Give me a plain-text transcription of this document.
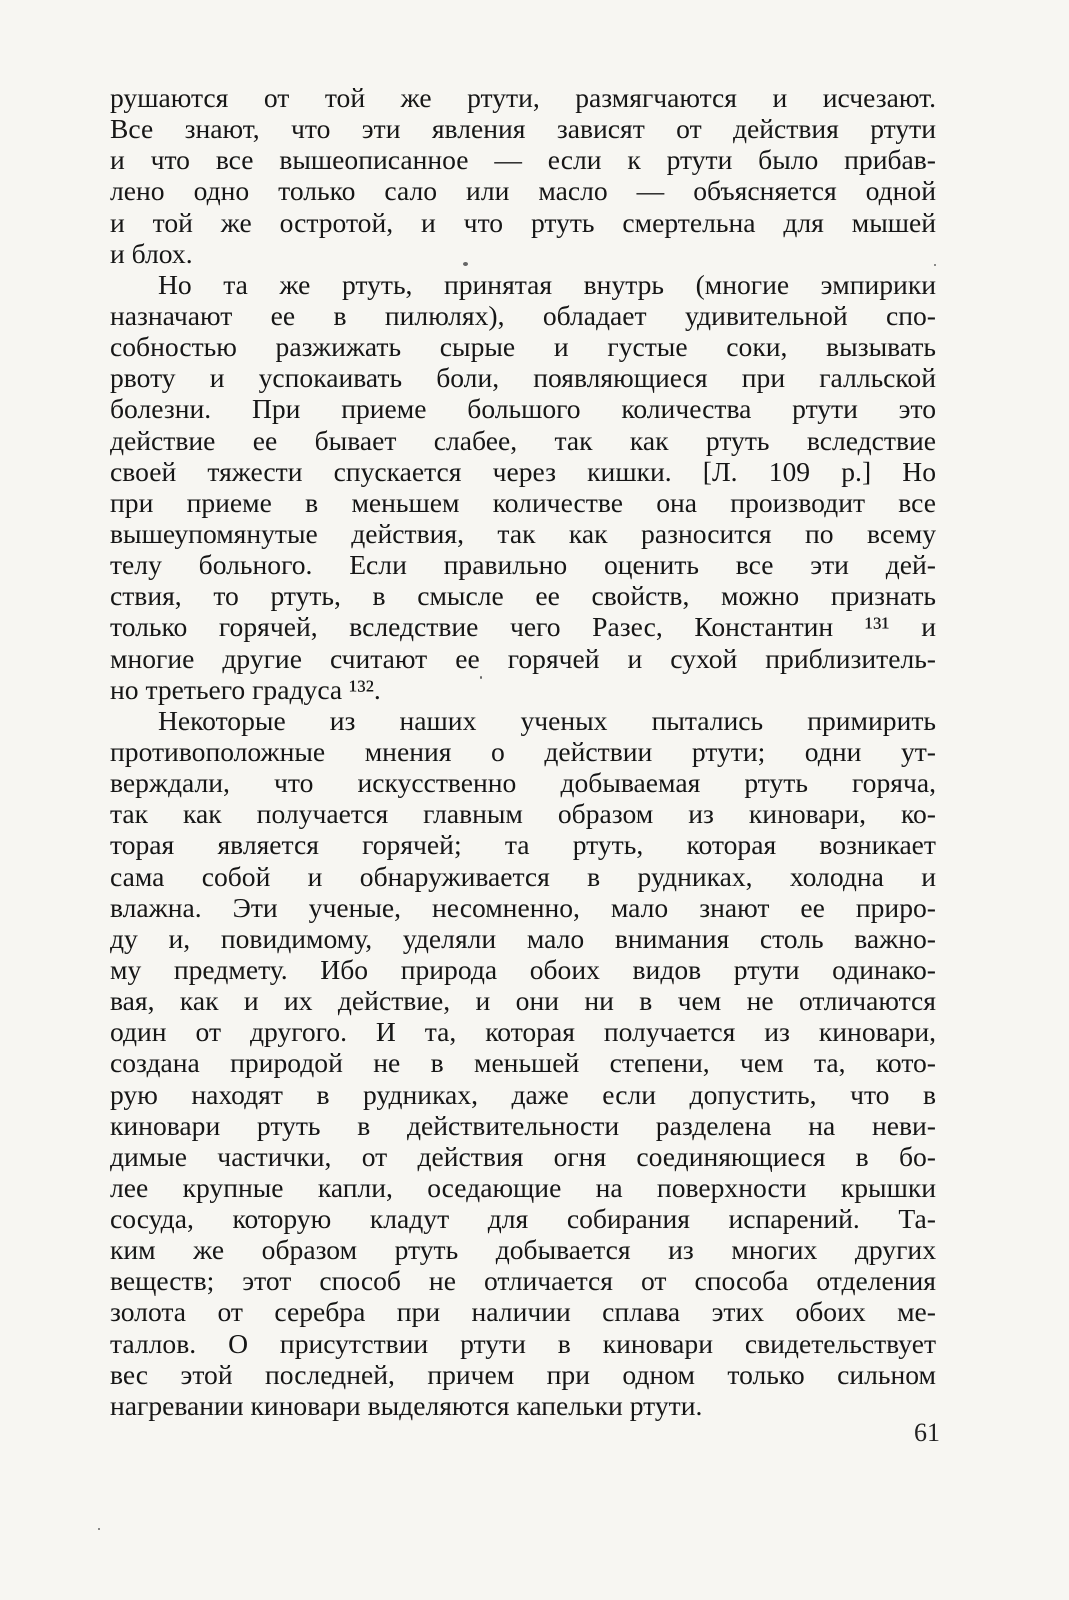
рушаются от той же ртути, размягчаются и исчезают.
Все знают, что эти явления зависят от действия ртути
и что все вышеописанное — если к ртути было прибав-
лено одно только сало или масло — объясняется одной
и той же остротой, и что ртуть смертельна для мышей
и блох.
Но та же ртуть, принятая внутрь (многие эмпирики
назначают ее в пилюлях), обладает удивительной спо-
собностью разжижать сырые и густые соки, вызывать
рвоту и успокаивать боли, появляющиеся при галльской
болезни. При приеме большого количества ртути это
действие ее бывает слабее, так как ртуть вследствие
своей тяжести спускается через кишки. [Л. 109 р.] Но
при приеме в меньшем количестве она производит все
вышеупомянутые действия, так как разносится по всему
телу больного. Если правильно оценить все эти дей-
ствия, то ртуть, в смысле ее свойств, можно признать
только горячей, вследствие чего Разес, Константин ¹³¹ и
многие другие считают ее горячей и сухой приблизитель-
но третьего градуса ¹³².
Некоторые из наших ученых пытались примирить
противоположные мнения о действии ртути; одни ут-
верждали, что искусственно добываемая ртуть горяча,
так как получается главным образом из киновари, ко-
торая является горячей; та ртуть, которая возникает
сама собой и обнаруживается в рудниках, холодна и
влажна. Эти ученые, несомненно, мало знают ее приро-
ду и, повидимому, уделяли мало внимания столь важно-
му предмету. Ибо природа обоих видов ртути одинако-
вая, как и их действие, и они ни в чем не отличаются
один от другого. И та, которая получается из киновари,
создана природой не в меньшей степени, чем та, кото-
рую находят в рудниках, даже если допустить, что в
киновари ртуть в действительности разделена на неви-
димые частички, от действия огня соединяющиеся в бо-
лее крупные капли, оседающие на поверхности крышки
сосуда, которую кладут для собирания испарений. Та-
ким же образом ртуть добывается из многих других
веществ; этот способ не отличается от способа отделения
золота от серебра при наличии сплава этих обоих ме-
таллов. О присутствии ртути в киновари свидетельствует
вес этой последней, причем при одном только сильном
нагревании киновари выделяются капельки ртути.
61
